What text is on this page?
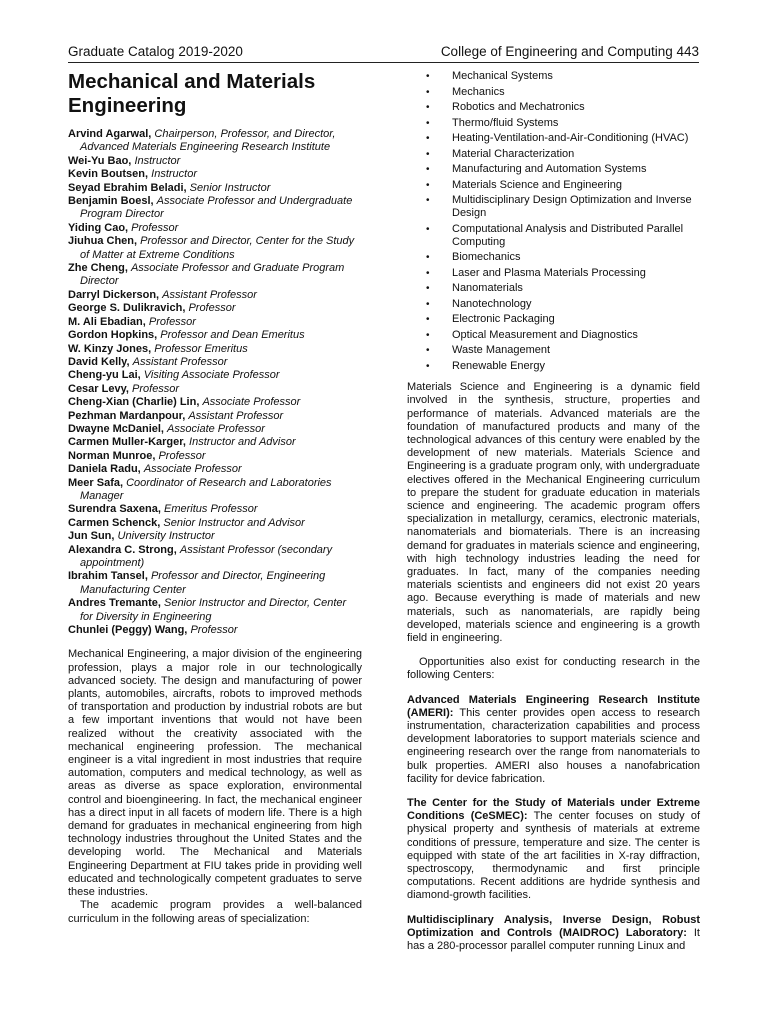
Graduate Catalog 2019-2020	College of Engineering and Computing 443
Mechanical and Materials Engineering
Arvind Agarwal, Chairperson, Professor, and Director, Advanced Materials Engineering Research Institute
Wei-Yu Bao, Instructor
Kevin Boutsen, Instructor
Seyad Ebrahim Beladi, Senior Instructor
Benjamin Boesl, Associate Professor and Undergraduate Program Director
Yiding Cao, Professor
Jiuhua Chen, Professor and Director, Center for the Study of Matter at Extreme Conditions
Zhe Cheng, Associate Professor and Graduate Program Director
Darryl Dickerson, Assistant Professor
George S. Dulikravich, Professor
M. Ali Ebadian, Professor
Gordon Hopkins, Professor and Dean Emeritus
W. Kinzy Jones, Professor Emeritus
David Kelly, Assistant Professor
Cheng-yu Lai, Visiting Associate Professor
Cesar Levy, Professor
Cheng-Xian (Charlie) Lin, Associate Professor
Pezhman Mardanpour, Assistant Professor
Dwayne McDaniel, Associate Professor
Carmen Muller-Karger, Instructor and Advisor
Norman Munroe, Professor
Daniela Radu, Associate Professor
Meer Safa, Coordinator of Research and Laboratories Manager
Surendra Saxena, Emeritus Professor
Carmen Schenck, Senior Instructor and Advisor
Jun Sun, University Instructor
Alexandra C. Strong, Assistant Professor (secondary appointment)
Ibrahim Tansel, Professor and Director, Engineering Manufacturing Center
Andres Tremante, Senior Instructor and Director, Center for Diversity in Engineering
Chunlei (Peggy) Wang, Professor

Mechanical Engineering, a major division of the engineering profession, plays a major role in our technologically advanced society. The design and manufacturing of power plants, automobiles, aircrafts, robots to improved methods of transportation and production by industrial robots are but a few important inventions that would not have been realized without the creativity associated with the mechanical engineering profession. The mechanical engineer is a vital ingredient in most industries that require automation, computers and medical technology, as well as areas as diverse as space exploration, environmental control and bioengineering. In fact, the mechanical engineer has a direct input in all facets of modern life. There is a high demand for graduates in mechanical engineering from high technology industries throughout the United States and the developing world. The Mechanical and Materials Engineering Department at FIU takes pride in providing well educated and technologically competent graduates to serve these industries.

The academic program provides a well-balanced curriculum in the following areas of specialization:

• Mechanical Systems
• Mechanics
• Robotics and Mechatronics
• Thermo/fluid Systems
• Heating-Ventilation-and-Air-Conditioning (HVAC)
• Material Characterization
• Manufacturing and Automation Systems
• Materials Science and Engineering
• Multidisciplinary Design Optimization and Inverse Design
• Computational Analysis and Distributed Parallel Computing
• Biomechanics
• Laser and Plasma Materials Processing
• Nanomaterials
• Nanotechnology
• Electronic Packaging
• Optical Measurement and Diagnostics
• Waste Management
• Renewable Energy

Materials Science and Engineering is a dynamic field involved in the synthesis, structure, properties and performance of materials. Advanced materials are the foundation of manufactured products and many of the technological advances of this century were enabled by the development of new materials. Materials Science and Engineering is a graduate program only, with undergraduate electives offered in the Mechanical Engineering curriculum to prepare the student for graduate education in materials science and engineering. The academic program offers specialization in metallurgy, ceramics, electronic materials, nanomaterials and biomaterials. There is an increasing demand for graduates in materials science and engineering, with high technology industries leading the need for graduates. In fact, many of the companies needing materials scientists and engineers did not exist 20 years ago. Because everything is made of materials and new materials, such as nanomaterials, are rapidly being developed, materials science and engineering is a growth field in engineering.

Opportunities also exist for conducting research in the following Centers:

Advanced Materials Engineering Research Institute (AMERI): This center provides open access to research instrumentation, characterization capabilities and process development laboratories to support materials science and engineering research over the range from nanomaterials to bulk properties. AMERI also houses a nanofabrication facility for device fabrication.

The Center for the Study of Materials under Extreme Conditions (CeSMEC): The center focuses on study of physical property and synthesis of materials at extreme conditions of pressure, temperature and size. The center is equipped with state of the art facilities in X-ray diffraction, spectroscopy, thermodynamic and first principle computations. Recent additions are hydride synthesis and diamond-growth facilities.

Multidisciplinary Analysis, Inverse Design, Robust Optimization and Controls (MAIDROC) Laboratory: It has a 280-processor parallel computer running Linux and
